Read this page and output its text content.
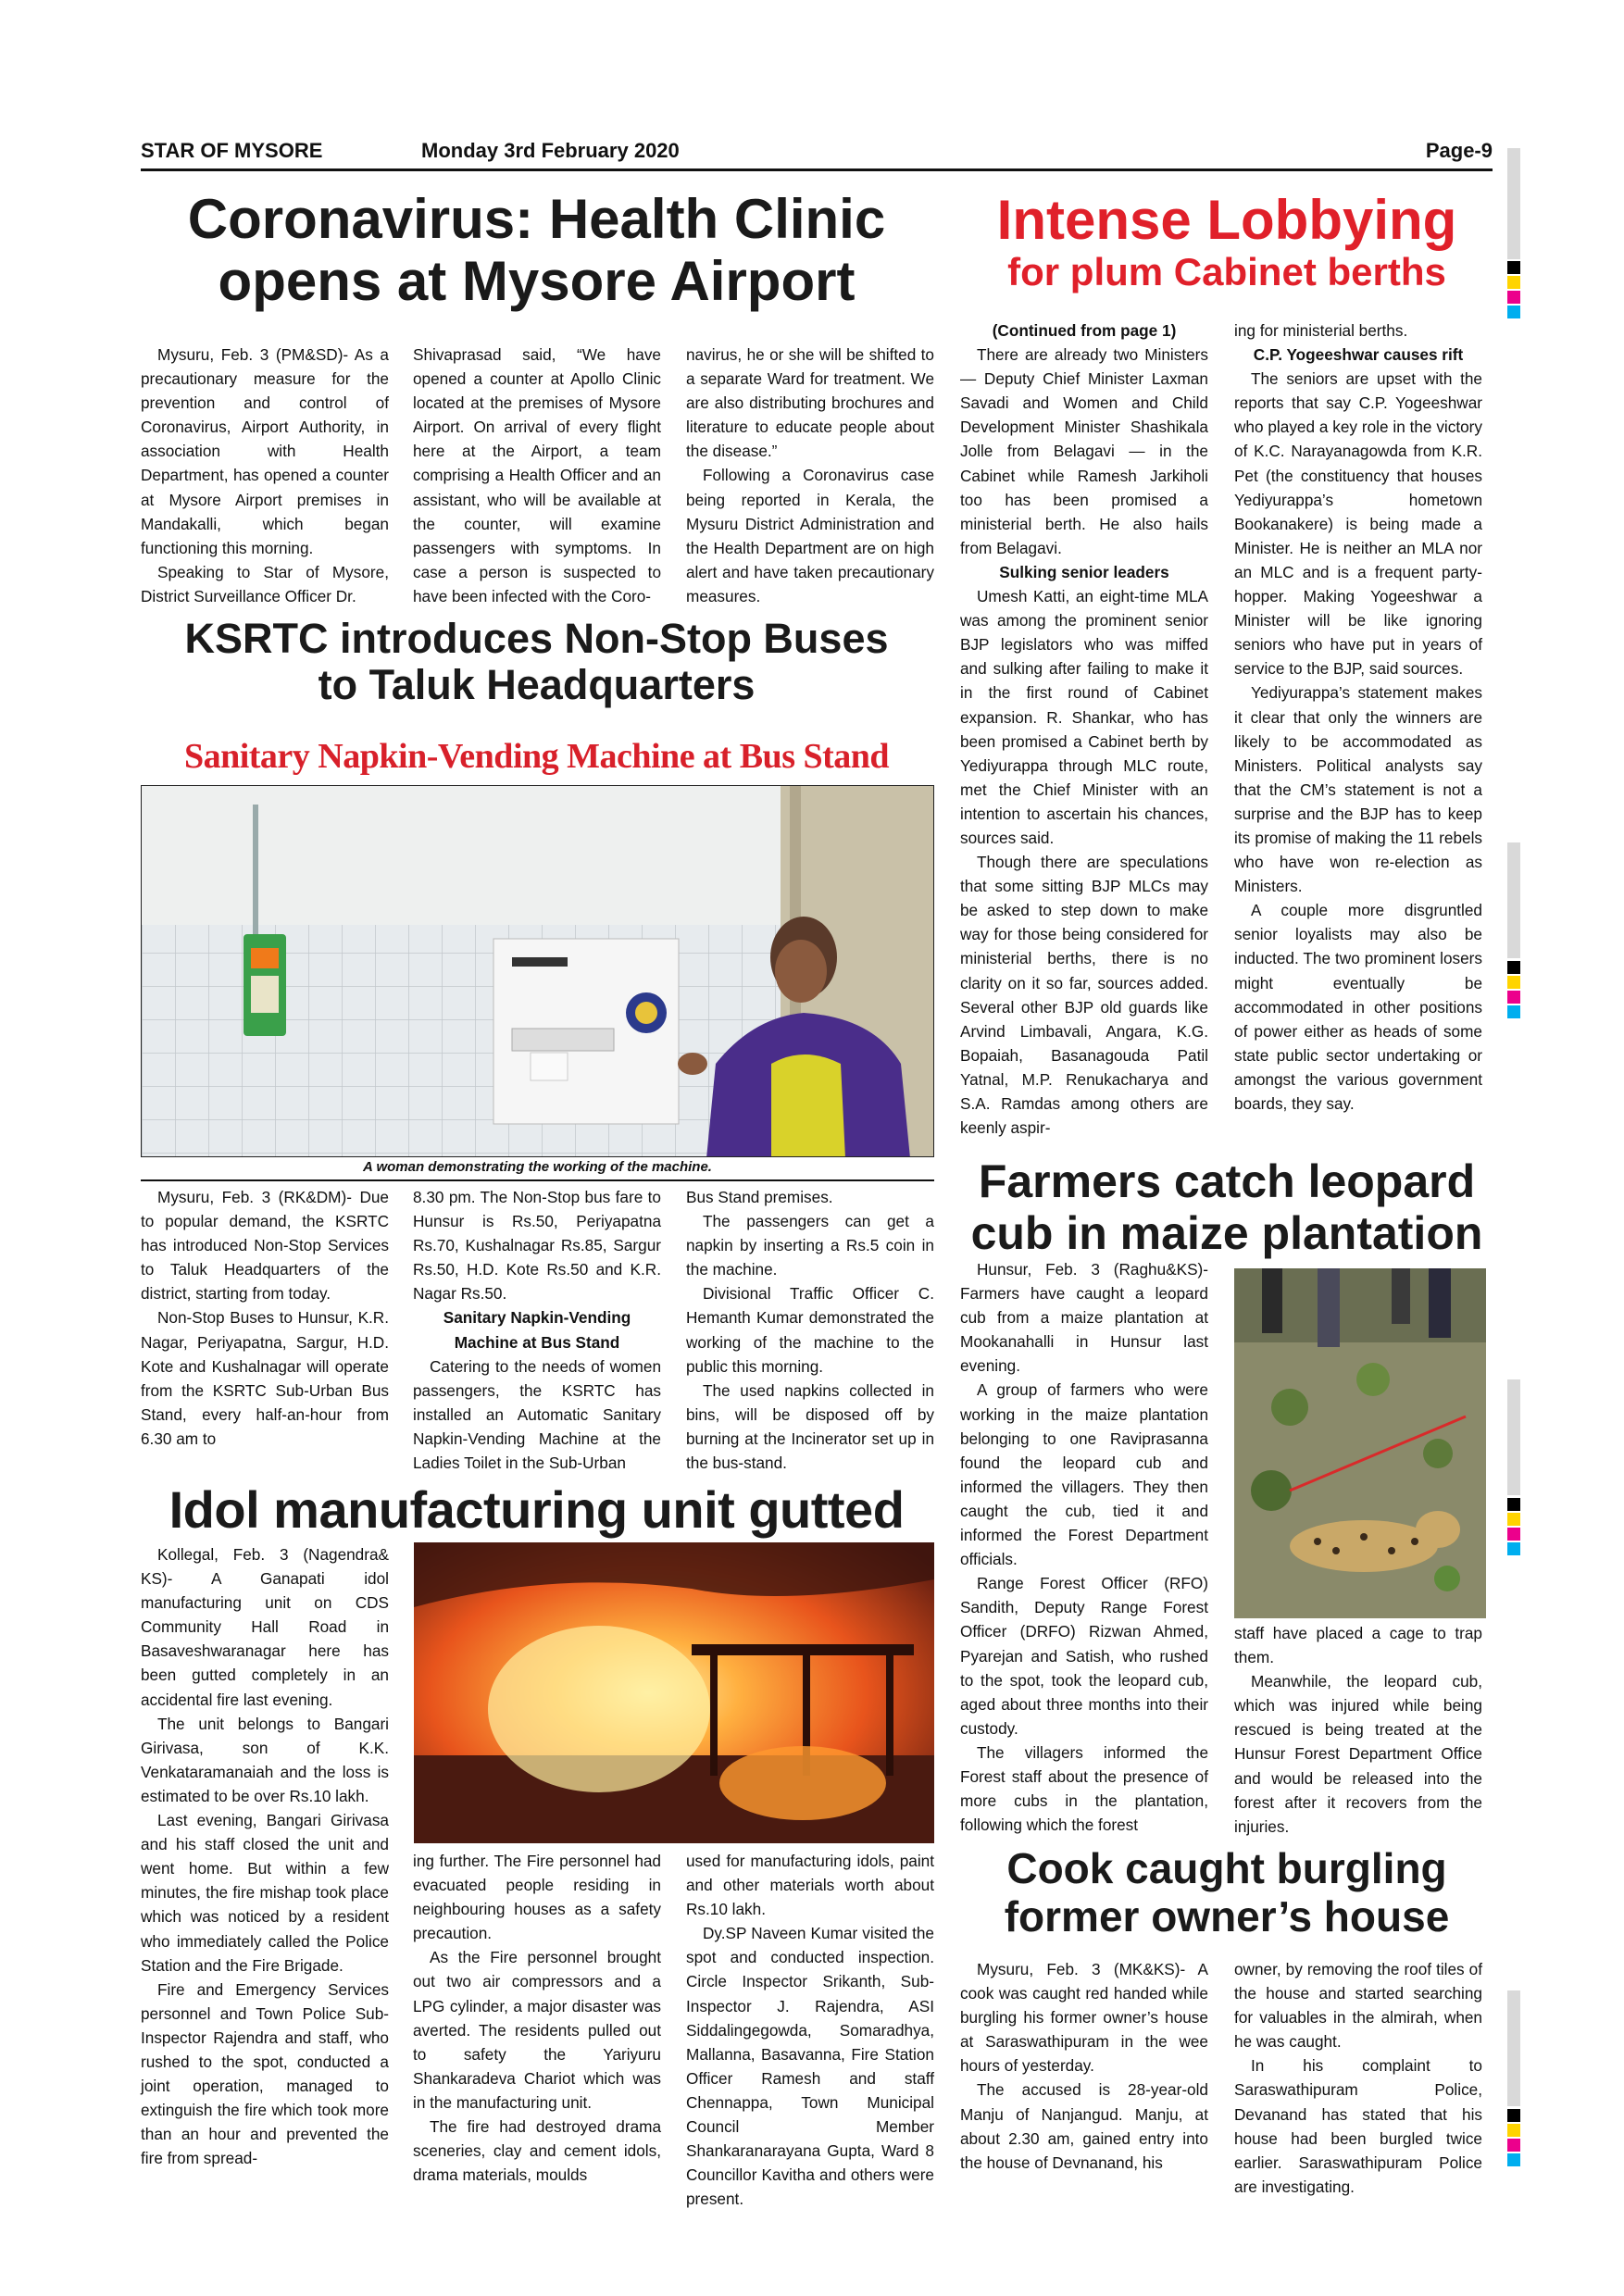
STAR OF MYSORE	Monday 3rd February 2020	Page-9
Coronavirus: Health Clinic
opens at Mysore Airport

Mysuru, Feb. 3 (PM&SD)- As a precautionary measure for the prevention and control of Coronavirus, Airport Authority, in association with Health Department, has opened a counter at Mysore Airport premises in Mandakalli, which began functioning this morning.

Speaking to Star of Mysore, District Surveillance Officer Dr.

Shivaprasad said, “We have opened a counter at Apollo Clinic located at the premises of Mysore Airport. On arrival of every flight here at the Airport, a team comprising a Health Officer and an assistant, who will be available at the counter, will examine passengers with symptoms. In case a person is suspected to have been infected with the Coro-

navirus, he or she will be shifted to a separate Ward for treatment. We are also distributing brochures and literature to educate people about the disease.”

Following a Coronavirus case being reported in Kerala, the Mysuru District Administration and the Health Department are on high alert and have taken precautionary measures.

Intense Lobbying
for plum Cabinet berths

(Continued from page 1)

There are already two Ministers — Deputy Chief Minister Laxman Savadi and Women and Child Development Minister Shashikala Jolle from Belagavi — in the Cabinet while Ramesh Jarkiholi too has been promised a ministerial berth. He also hails from Belagavi.

Sulking senior leaders

Umesh Katti, an eight-time MLA was among the prominent senior BJP legislators who was miffed and sulking after failing to make it in the first round of Cabinet expansion. R. Shankar, who has been promised a Cabinet berth by Yediyurappa through MLC route, met the Chief Minister with an intention to ascertain his chances, sources said.

Though there are speculations that some sitting BJP MLCs may be asked to step down to make way for those being considered for ministerial berths, there is no clarity on it so far, sources added. Several other BJP old guards like Arvind Limbavali, Angara, K.G. Bopaiah, Basanagouda Patil Yatnal, M.P. Renukacharya and S.A. Ramdas among others are keenly aspir-

ing for ministerial berths.

C.P. Yogeeshwar causes rift

The seniors are upset with the reports that say C.P. Yogeeshwar who played a key role in the victory of K.C. Narayanagowda from K.R. Pet (the constituency that houses Yediyurappa’s hometown Bookanakere) is being made a Minister. He is neither an MLA nor an MLC and is a frequent party-hopper. Making Yogeeshwar a Minister will be like ignoring seniors who have put in years of service to the BJP, said sources.

Yediyurappa’s statement makes it clear that only the winners are likely to be accommodated as Ministers. Political analysts say that the CM’s statement is not a surprise and the BJP has to keep its promise of making the 11 rebels who have won re-election as Ministers.

A couple more disgruntled senior loyalists may also be inducted. The two prominent losers might eventually be accommodated in other positions of power either as heads of some state public sector undertaking or amongst the various government boards, they say.

KSRTC introduces Non-Stop Buses
to Taluk Headquarters
Sanitary Napkin-Vending Machine at Bus Stand
A woman demonstrating the working of the machine.

Mysuru, Feb. 3 (RK&DM)- Due to popular demand, the KSRTC has introduced Non-Stop Services to Taluk Headquarters of the district, starting from today.

Non-Stop Buses to Hunsur, K.R. Nagar, Periyapatna, Sargur, H.D. Kote and Kushalnagar will operate from the KSRTC Sub-Urban Bus Stand, every half-an-hour from 6.30 am to

8.30 pm. The Non-Stop bus fare to Hunsur is Rs.50, Periyapatna Rs.70, Kushalnagar Rs.85, Sargur Rs.50, H.D. Kote Rs.50 and K.R. Nagar Rs.50.

Sanitary Napkin-Vending Machine at Bus Stand

Catering to the needs of women passengers, the KSRTC has installed an Automatic Sanitary Napkin-Vending Machine at the Ladies Toilet in the Sub-Urban

Bus Stand premises.

The passengers can get a napkin by inserting a Rs.5 coin in the machine.

Divisional Traffic Officer C. Hemanth Kumar demonstrated the working of the machine to the public this morning.

The used napkins collected in bins, will be disposed off by burning at the Incinerator set up in the bus-stand.

Idol manufacturing unit gutted

Kollegal, Feb. 3 (Nagendra& KS)- A Ganapati idol manufacturing unit on CDS Community Hall Road in Basaveshwaranagar here has been gutted completely in an accidental fire last evening.

The unit belongs to Bangari Girivasa, son of K.K. Venkataramanaiah and the loss is estimated to be over Rs.10 lakh.

Last evening, Bangari Girivasa and his staff closed the unit and went home. But within a few minutes, the fire mishap took place which was noticed by a resident who immediately called the Police Station and the Fire Brigade.

Fire and Emergency Services personnel and Town Police Sub-Inspector Rajendra and staff, who rushed to the spot, conducted a joint operation, managed to extinguish the fire which took more than an hour and prevented the fire from spread-

ing further. The Fire personnel had evacuated people residing in neighbouring houses as a safety precaution.

As the Fire personnel brought out two air compressors and a LPG cylinder, a major disaster was averted. The residents pulled out to safety the Yariyuru Shankaradeva Chariot which was in the manufacturing unit.

The fire had destroyed drama sceneries, clay and cement idols, drama materials, moulds

used for manufacturing idols, paint and other materials worth about Rs.10 lakh.

Dy.SP Naveen Kumar visited the spot and conducted inspection. Circle Inspector Srikanth, Sub-Inspector J. Rajendra, ASI Siddalingegowda, Somaradhya, Mallanna, Basavanna, Fire Station Officer Ramesh and staff Chennappa, Town Municipal Council Member Shankaranarayana Gupta, Ward 8 Councillor Kavitha and others were present.

Farmers catch leopard
cub in maize plantation

Hunsur, Feb. 3 (Raghu&KS)- Farmers have caught a leopard cub from a maize plantation at Mookanahalli in Hunsur last evening.

A group of farmers who were working in the maize plantation belonging to one Raviprasanna found the leopard cub and informed the villagers. They then caught the cub, tied it and informed the Forest Department officials.

Range Forest Officer (RFO) Sandith, Deputy Range Forest Officer (DRFO) Rizwan Ahmed, Pyarejan and Satish, who rushed to the spot, took the leopard cub, aged about three months into their custody.

The villagers informed the Forest staff about the presence of more cubs in the plantation, following which the forest

staff have placed a cage to trap them.

Meanwhile, the leopard cub, which was injured while being rescued is being treated at the Hunsur Forest Department Office and would be released into the forest after it recovers from the injuries.

Cook caught burgling
former owner’s house

Mysuru, Feb. 3 (MK&KS)- A cook was caught red handed while burgling his former owner’s house at Saraswathipuram in the wee hours of yesterday.

The accused is 28-year-old Manju of Nanjangud. Manju, at about 2.30 am, gained entry into the house of Devnanand, his

owner, by removing the roof tiles of the house and started searching for valuables in the almirah, when he was caught.

In his complaint to Saraswathipuram Police, Devanand has stated that his house had been burgled twice earlier. Saraswathipuram Police are investigating.
